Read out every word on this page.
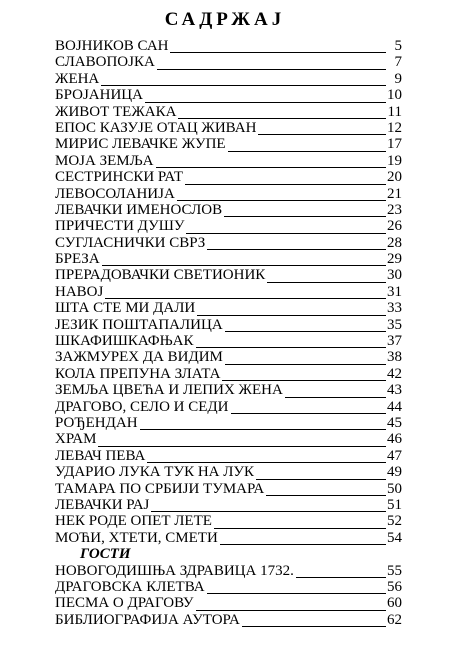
САДРЖАЈ
ВОЈНИКОВ САН	5
СЛАВОПОЈКА	7
ЖЕНА	9
БРОЈАНИЦА	10
ЖИВОТ ТЕЖАКА	11
ЕПОС КАЗУЈЕ ОТАЦ ЖИВАН	12
МИРИС ЛЕВАЧКЕ ЖУПЕ	17
МОЈА ЗЕМЉА	19
СЕСТРИНСКИ РАТ	20
ЛЕВОСОЛАНИЈА	21
ЛЕВАЧКИ ИМЕНОСЛОВ	23
ПРИЧЕСТИ ДУШУ	26
СУГЛАСНИЧКИ СВРЗ	28
БРЕЗА	29
ПРЕРАДОВАЧКИ СВЕТИОНИК	30
НАВОЈ	31
ШТА СТЕ МИ ДАЛИ	33
ЈЕЗИК ПОШТАПАЛИЦА	35
ШКАФИШКАФЊАК	37
ЗАЖМУРЕХ ДА ВИДИМ	38
КОЛА ПРЕПУНА ЗЛАТА	42
ЗЕМЉА ЦВЕЋА И ЛЕПИХ ЖЕНА	43
ДРАГОВО, СЕЛО И СЕДИ	44
РОЂЕНДАН	45
ХРАМ	46
ЛЕВАЧ ПЕВА	47
УДАРИО ЛУКА ТУК НА ЛУК	49
ТАМАРА ПО СРБИЈИ ТУМАРА	50
ЛЕВАЧКИ РАЈ	51
НЕК РОДЕ ОПЕТ ЛЕТЕ	52
МОЋИ, ХТЕТИ, СМЕТИ	54
ГОСТИ
НОВОГОДИШЊА ЗДРАВИЦА 1732.	55
ДРАГОВСКА КЛЕТВА	56
ПЕСМА О ДРАГОВУ	60
БИБЛИОГРАФИЈА АУТОРА	62
